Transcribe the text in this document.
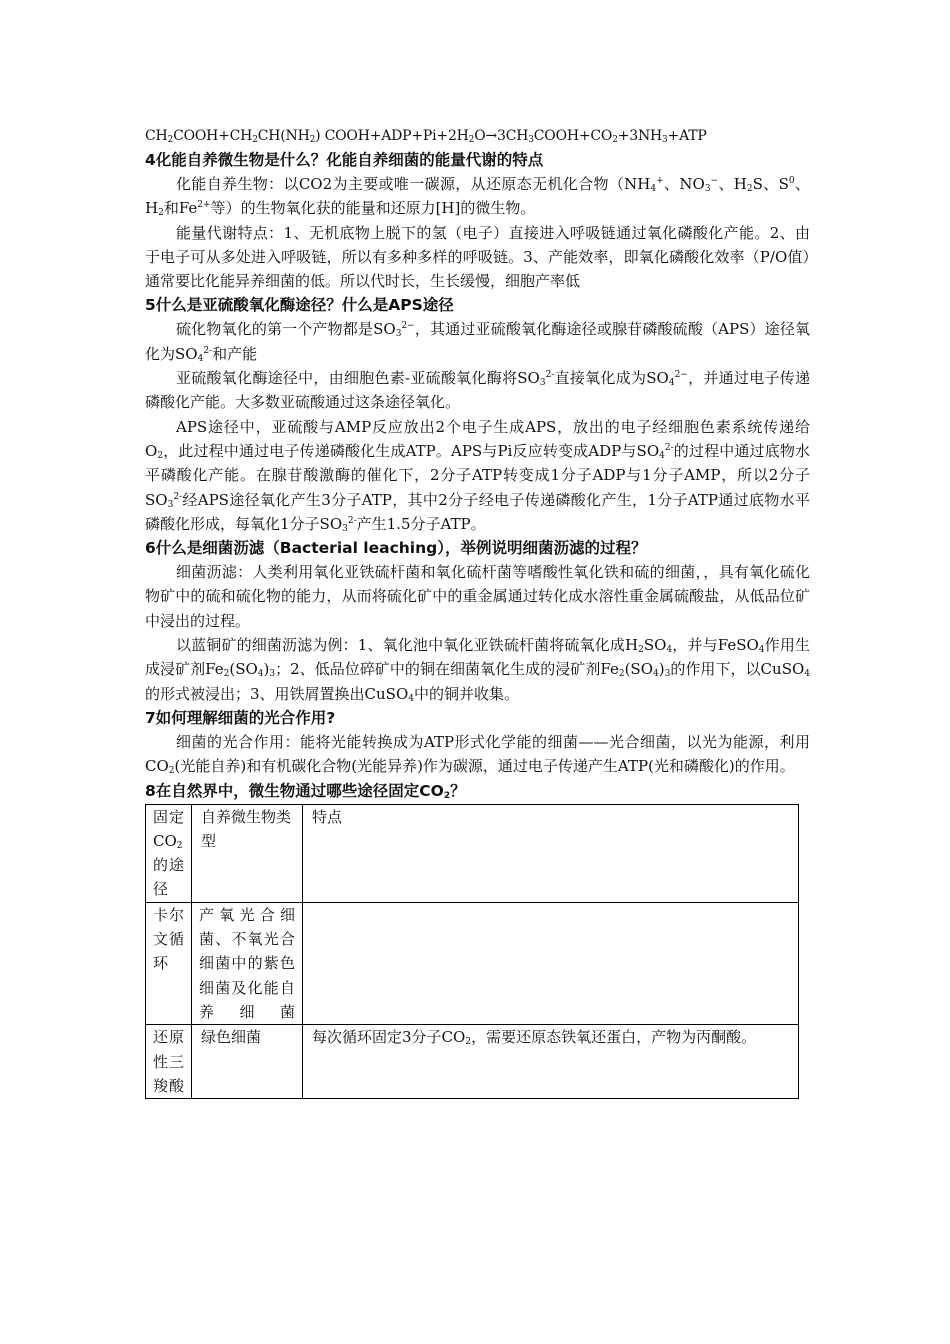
$CH_2COOH+CH_2CH(NH_2)$ $COOH+ADP+Pi+2H_2O\to 3CH_3COOH+CO_2+3NH_3+ATP$
4化能自养微生物是什么？化能自养细菌的能量代谢的特点

化能自养生物：以CO2为主要或唯一碳源，从还原态无机化合物（$NH_4^+$、$NO_3^-$、$H_2S$、$S^0$、$H_2$和$Fe^{2+}$等）的生物氧化获的能量和还原力[H]的微生物。

能量代谢特点：1、无机底物上脱下的氢（电子）直接进入呼吸链通过氧化磷酸化产能。2、由于电子可从多处进入呼吸链，所以有多种多样的呼吸链。3、产能效率，即氧化磷酸化效率（P/O值）通常要比化能异养细菌的低。所以代时长，生长缓慢，细胞产率低

5什么是亚硫酸氧化酶途径？什么是APS途径

硫化物氧化的第一个产物都是$SO_3^{2-}$，其通过亚硫酸氧化酶途径或腺苷磷酸硫酸（APS）途径氧化为$SO_4^{2-}$和产能

亚硫酸氧化酶途径中，由细胞色素-亚硫酸氧化酶将$SO_3^{2-}$直接氧化成为$SO_4^{2-}$，并通过电子传递磷酸化产能。大多数亚硫酸通过这条途径氧化。

APS途径中，亚硫酸与AMP反应放出2个电子生成APS，放出的电子经细胞色素系统传递给$O_2$，此过程中通过电子传递磷酸化生成ATP。APS与Pi反应转变成ADP与$SO_4^{2-}$的过程中通过底物水平磷酸化产能。在腺苷酸激酶的催化下，2分子ATP转变成1分子ADP与1分子AMP，所以2分子$SO_3^{2-}$经APS途径氧化产生3分子ATP，其中2分子经电子传递磷酸化产生，1分子ATP通过底物水平磷酸化形成，每氧化1分子$SO_3^{2-}$产生1.5分子ATP。

6什么是细菌沥滤（Bacterial leaching），举例说明细菌沥滤的过程？

细菌沥滤：人类利用氧化亚铁硫杆菌和氧化硫杆菌等嗜酸性氧化铁和硫的细菌，，具有氧化硫化物矿中的硫和硫化物的能力，从而将硫化矿中的重金属通过转化成水溶性重金属硫酸盐，从低品位矿中浸出的过程。

以蓝铜矿的细菌沥滤为例：1、氧化池中氧化亚铁硫杆菌将硫氧化成$H_2SO_4$，并与FeSO$_4$作用生成浸矿剂$Fe_2(SO_4)_3$；2、低品位碎矿中的铜在细菌氧化生成的浸矿剂$Fe_2(SO_4)_3$的作用下，以CuSO$_4$的形式被浸出；3、用铁屑置换出CuSO$_4$中的铜并收集。

7如何理解细菌的光合作用?

细菌的光合作用：能将光能转换成为ATP形式化学能的细菌——光合细菌，以光为能源，利用$CO_2$(光能自养)和有机碳化合物(光能异养)作为碳源，通过电子传递产生ATP(光和磷酸化)的作用。

8在自然界中，微生物通过哪些途径固定$CO_2$？
固定$CO_2$的途径	自养微生物类型	特点
卡尔文循环	产氧光合细菌、不氧光合细菌中的紫色细菌及化能自养细菌	
还原性三羧酸	绿色细菌	每次循环固定3分子$CO_2$，需要还原态铁氧还蛋白，产物为丙酮酸。
